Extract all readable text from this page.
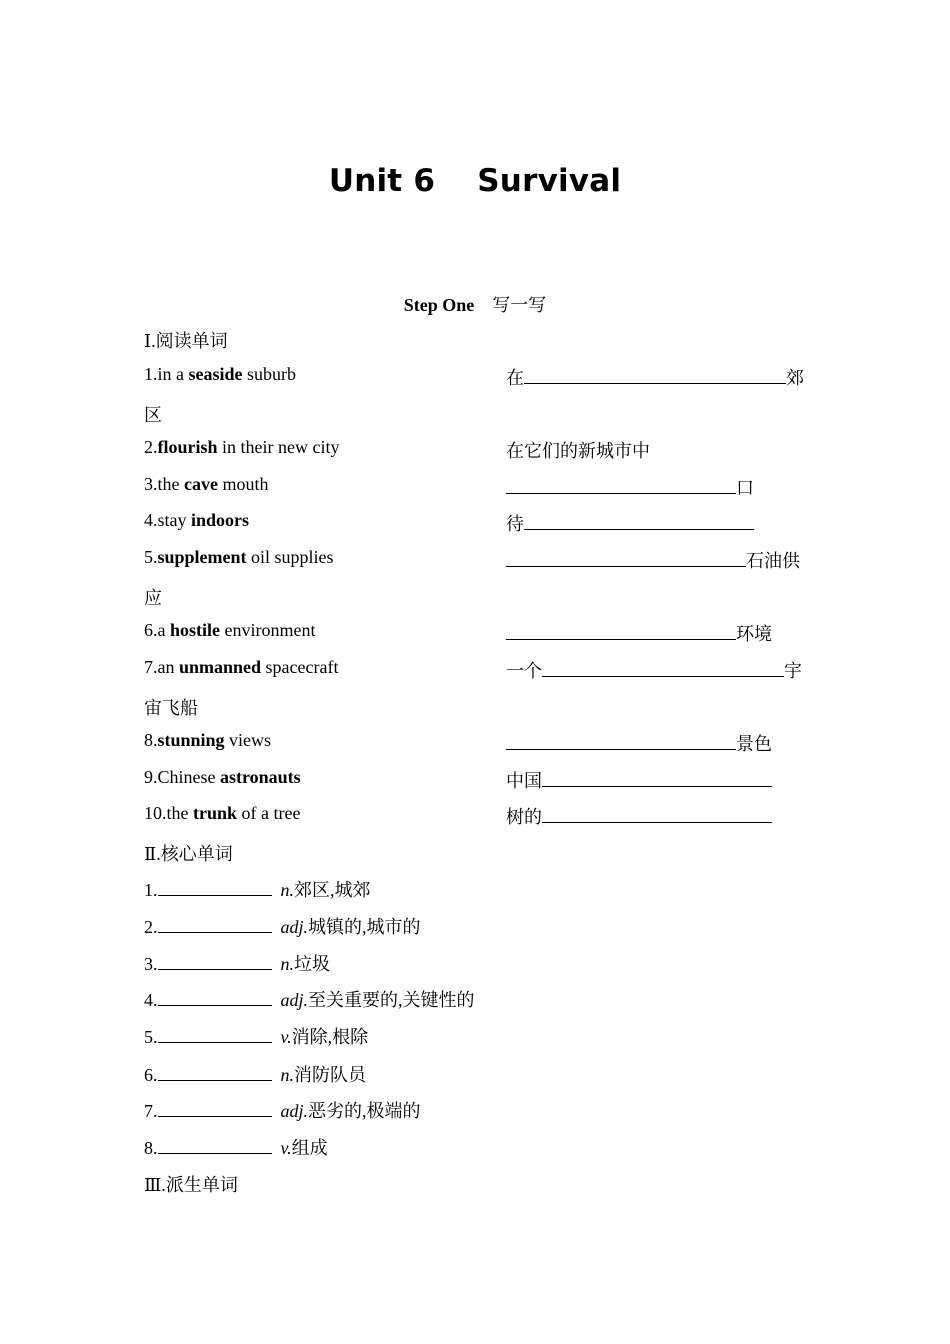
Unit 6　 Survival
Step One　 写一写
Ⅰ.阅读单词
1.in a seaside suburb	在	郊
区
2.flourish in their new city	在它们的新城市中
3.the cave mouth	口
4.stay indoors	待
5.supplement oil supplies	石油供
应
6.a hostile environment	环境
7.an unmanned spacecraft	一个	宇
宙飞船
8.stunning views	景色
9.Chinese astronauts	中国
10.the trunk of a tree	树的
Ⅱ.核心单词
1.	n.郊区,城郊
2.	adj.城镇的,城市的
3.	n.垃圾
4.	adj.至关重要的,关键性的
5.	v.消除,根除
6.	n.消防队员
7.	adj.恶劣的,极端的
8.	v.组成
Ⅲ.派生单词
